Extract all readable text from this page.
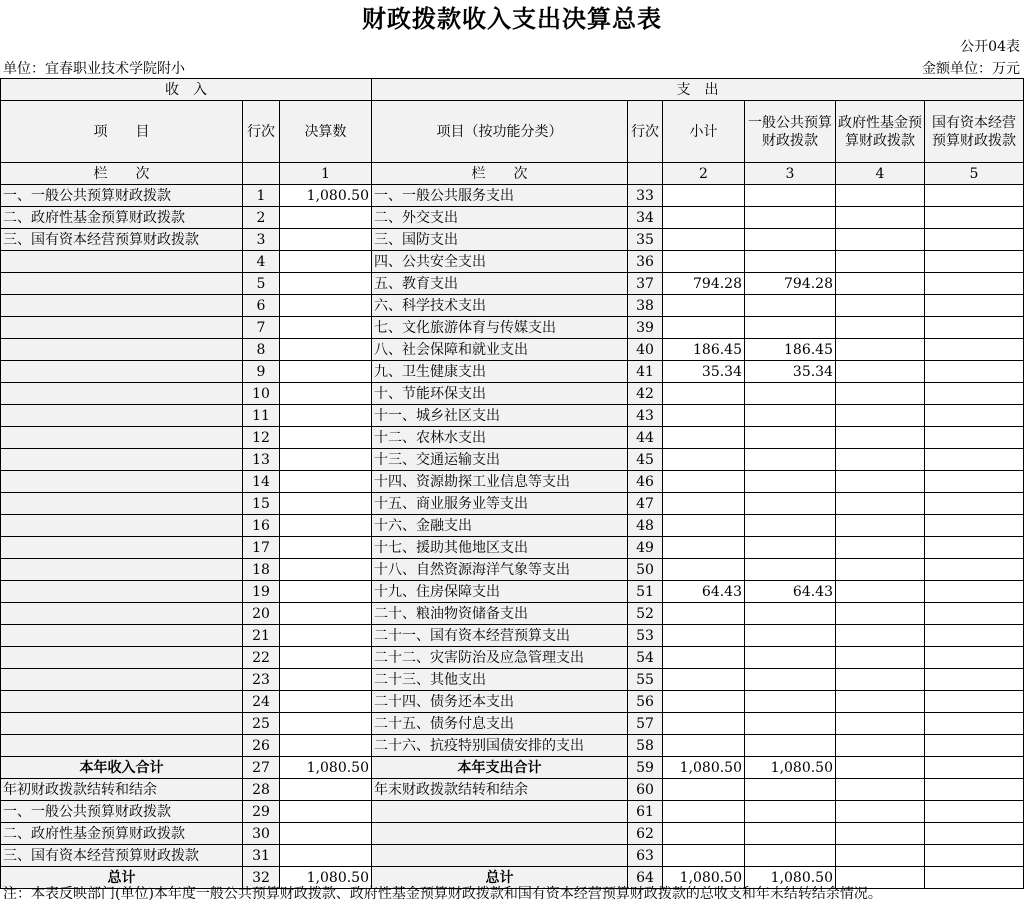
财政拨款收入支出决算总表
公开04表
单位：宜春职业技术学院附小	金额单位：万元
收　入			支　出					
项　　目	行次	决算数	项目（按功能分类）	行次	小计	一般公共预算财政拨款	政府性基金预算财政拨款	国有资本经营预算财政拨款
栏　　次		1	栏　　次		2	3	4	5
一、一般公共预算财政拨款	1	1,080.50	一、一般公共服务支出	33				
二、政府性基金预算财政拨款	2		二、外交支出	34				
三、国有资本经营预算财政拨款	3		三、国防支出	35				
	4		四、公共安全支出	36				
	5		五、教育支出	37	794.28	794.28		
	6		六、科学技术支出	38				
	7		七、文化旅游体育与传媒支出	39				
	8		八、社会保障和就业支出	40	186.45	186.45		
	9		九、卫生健康支出	41	35.34	35.34		
	10		十、节能环保支出	42				
	11		十一、城乡社区支出	43				
	12		十二、农林水支出	44				
	13		十三、交通运输支出	45				
	14		十四、资源勘探工业信息等支出	46				
	15		十五、商业服务业等支出	47				
	16		十六、金融支出	48				
	17		十七、援助其他地区支出	49				
	18		十八、自然资源海洋气象等支出	50				
	19		十九、住房保障支出	51	64.43	64.43		
	20		二十、粮油物资储备支出	52				
	21		二十一、国有资本经营预算支出	53				
	22		二十二、灾害防治及应急管理支出	54				
	23		二十三、其他支出	55				
	24		二十四、债务还本支出	56				
	25		二十五、债务付息支出	57				
	26		二十六、抗疫特别国债安排的支出	58				
本年收入合计	27	1,080.50	本年支出合计	59	1,080.50	1,080.50		
年初财政拨款结转和结余	28		年末财政拨款结转和结余	60				
一、一般公共预算财政拨款	29			61				
二、政府性基金预算财政拨款	30			62				
三、国有资本经营预算财政拨款	31			63				
总计	32	1,080.50	总计	64	1,080.50	1,080.50		
注：本表反映部门(单位)本年度一般公共预算财政拨款、政府性基金预算财政拨款和国有资本经营预算财政拨款的总收支和年末结转结余情况。
